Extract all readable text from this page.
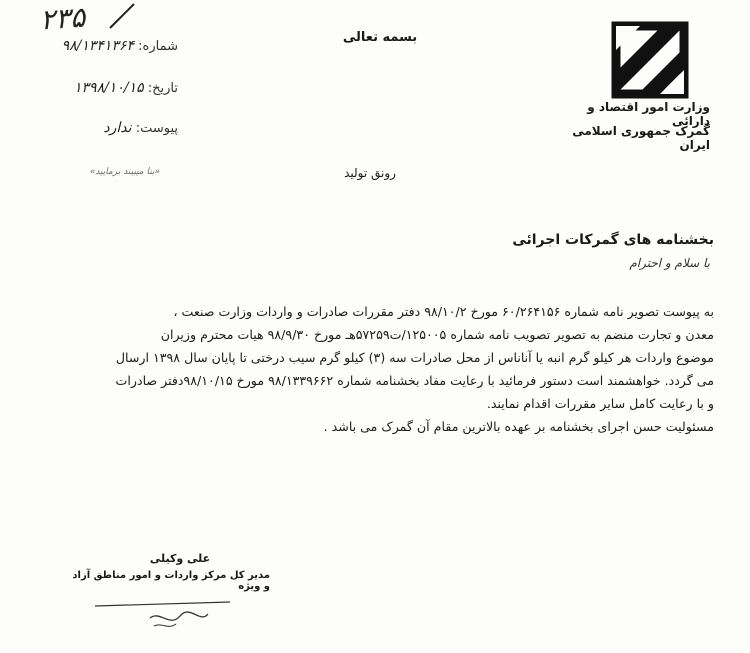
۲۳۵
شماره: ۹۸/۱۳۴۱۳۶۴
تاریخ: ۱۳۹۸/۱۰/۱۵
پیوست: ندارد
«بنا میبیند برمایید»
بسمه تعالی
وزارت امور اقتصاد و دارائی
گمرک جمهوری اسلامی ایران
رونق تولید
بخشنامه های گمرکات اجرائی
با سلام و احترام

به پیوست تصویر نامه شماره ۶۰/۲۶۴۱۵۶ مورخ ۹۸/۱۰/۲ دفتر مقررات صادرات و واردات وزارت صنعت ،

معدن و تجارت منضم به تصویر تصویب نامه شماره ۱۲۵۰۰۵/ت۵۷۲۵۹هـ مورخ ۹۸/۹/۳۰ هیات محترم وزیران

موضوع واردات هر کیلو گرم انبه یا آناناس از محل صادرات سه (۳) کیلو گرم سیب درختی تا پایان سال ۱۳۹۸ ارسال

می گردد. خواهشمند است دستور فرمائید با رعایت مفاد بخشنامه شماره ۹۸/۱۳۳۹۶۶۲ مورخ ۹۸/۱۰/۱۵دفتر صادرات

و با رعایت کامل سایر مقررات اقدام نمایند.

مسئولیت حسن اجرای بخشنامه بر عهده بالاترین مقام آن گمرک می باشد .

علی وکیلی
مدیر کل مرکز واردات و امور مناطق آزاد و ویژه
